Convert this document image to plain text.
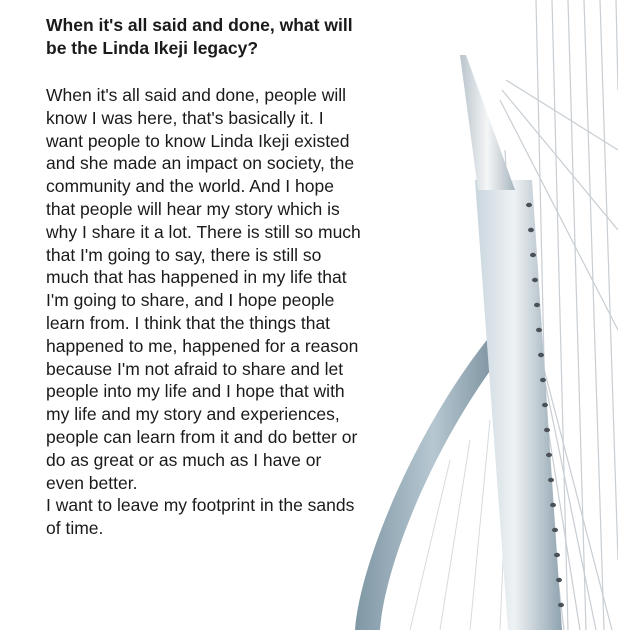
When it's all said and done, what will be the Linda Ikeji legacy?

When it's all said and done, people will know I was here, that's basically it. I want people to know Linda Ikeji existed and she made an impact on society, the community and the world. And I hope that people will hear my story which is why I share it a lot. There is still so much that I'm going to say, there is still so much that has happened in my life that I'm going to share, and I hope people learn from. I think that the things that happened to me, happened for a reason because I'm not afraid to share and let people into my life and I hope that with my life and my story and experiences, people can learn from it and do better or do as great or as much as I have or even better.

I want to leave my footprint in the sands of time.
